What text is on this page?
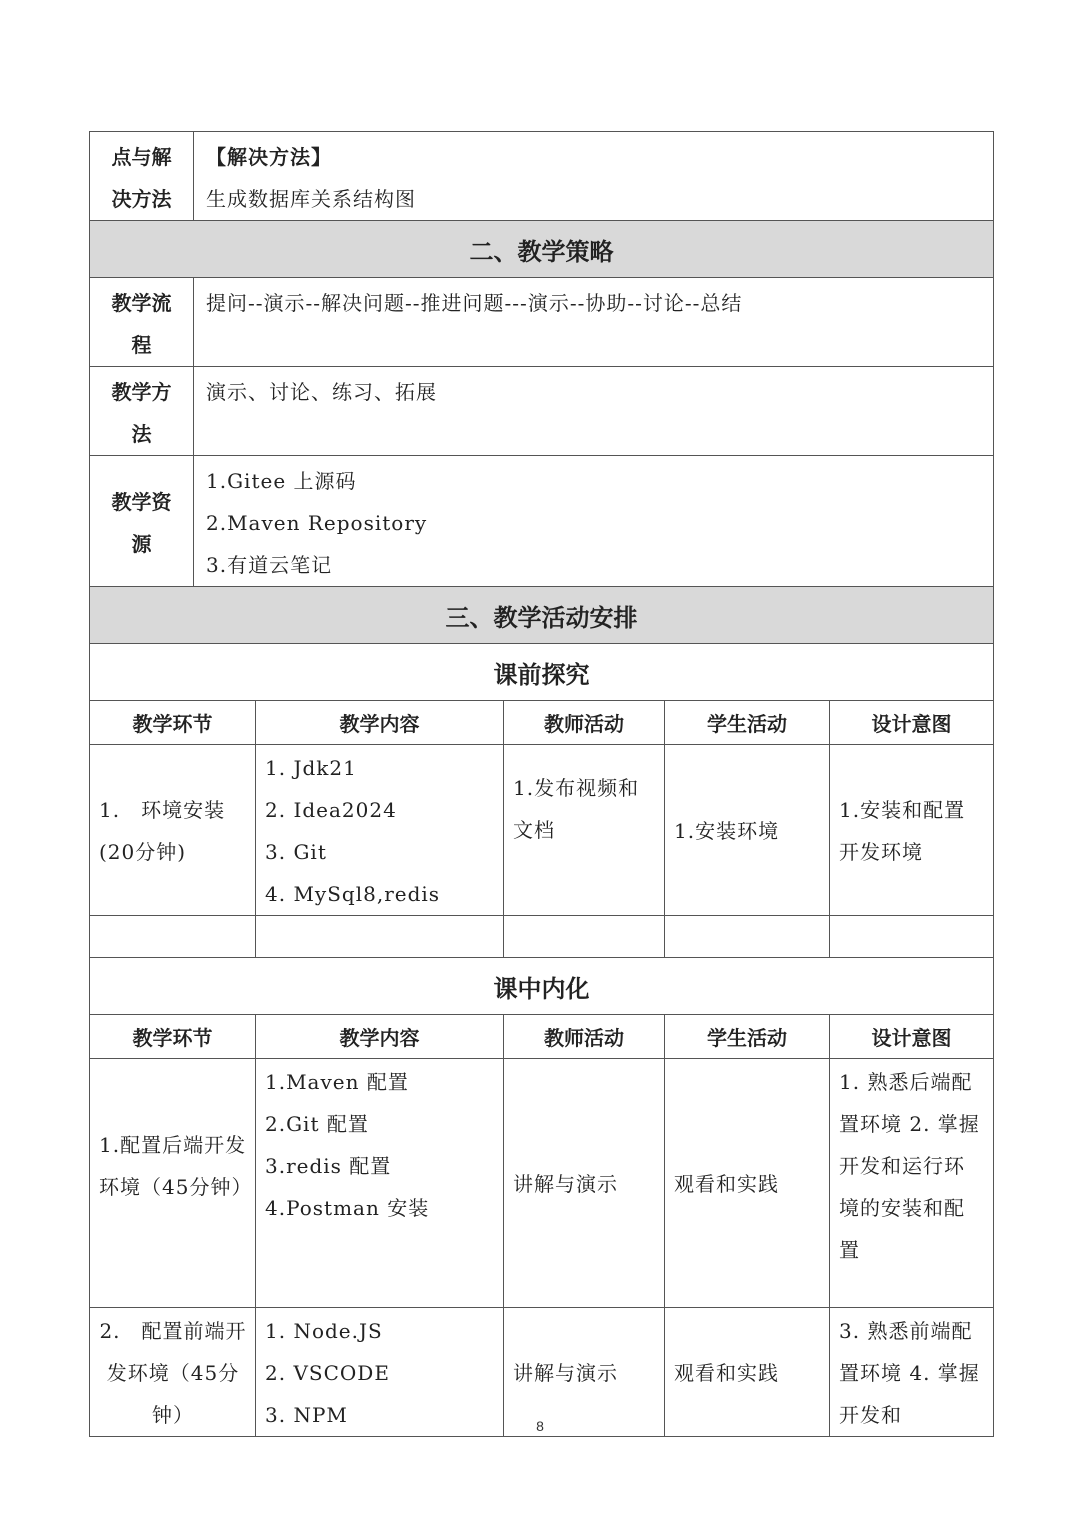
点与解
决方法	【解决方法】
生成数据库关系结构图				

二、教学策略					

教学流
程	提问--演示--解决问题--推进问题---演示--协助--讨论--总结				

教学方
法	演示、讨论、练习、拓展				

教学资
源	1.Gitee 上源码
2.Maven Repository
3.有道云笔记				

三、教学活动安排					
课前探究					
教学环节		教学内容	教师活动	学生活动	设计意图
1.　环境安装(20分钟)		1. Jdk21
2. Idea2024
3. Git
4. MySql8,redis	1.发布视频和文档	1.安装环境	1.安装和配置开发环境

课中内化					
教学环节		教学内容	教师活动	学生活动	设计意图
1.配置后端开发环境（45分钟）		1.Maven 配置
2.Git 配置
3.redis 配置
4.Postman 安装	讲解与演示	观看和实践	1. 熟悉后端配置环境 2. 掌握开发和运行环境的安装和配置
2.　配置前端开发环境（45分钟）		1. Node.JS
2. VSCODE
3. NPM	讲解与演示	观看和实践	3. 熟悉前端配置环境 4. 掌握开发和
8
